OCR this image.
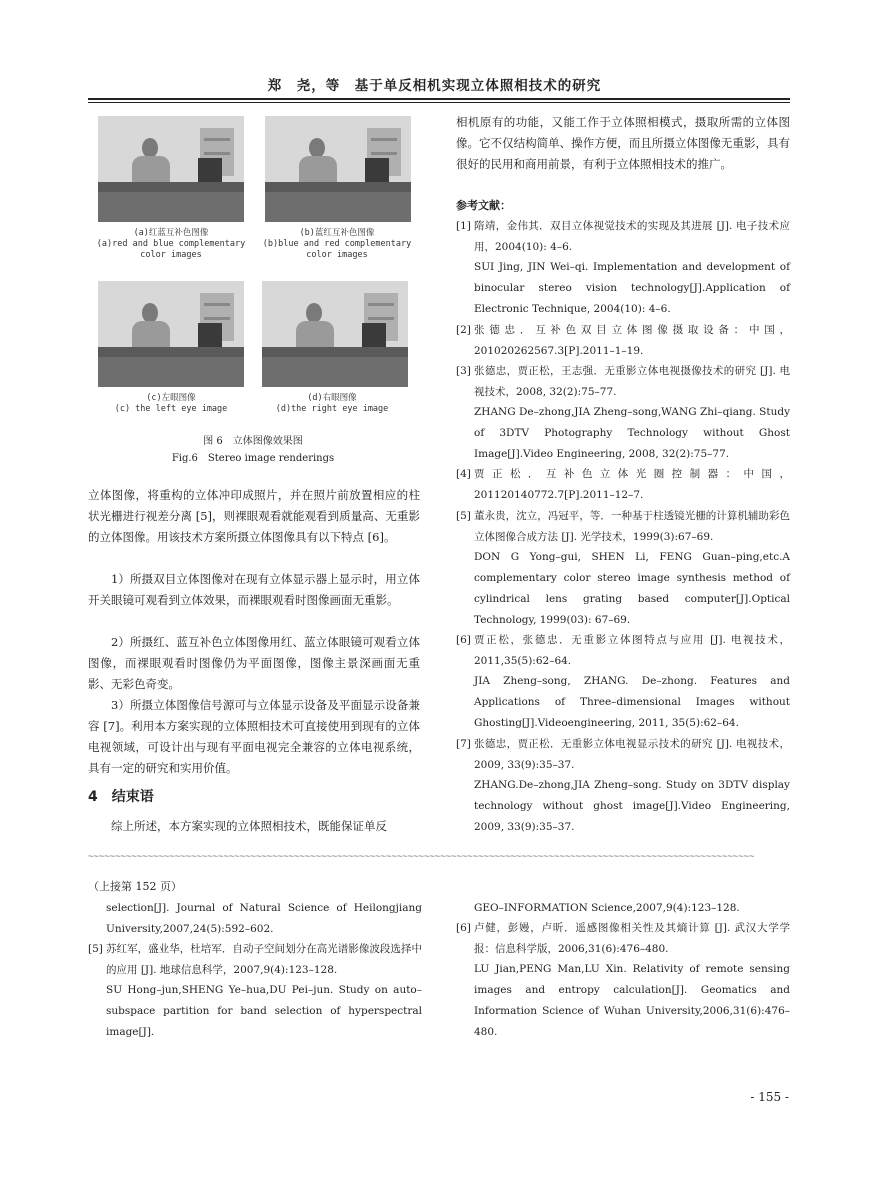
郑　尧，等　基于单反相机实现立体照相技术的研究
(a)红蓝互补色图像
(a)red and blue complementary
color images
(b)蓝红互补色图像
(b)blue and red complementary
color images
(c)左眼图像
(c) the left eye image
(d)右眼图像
(d)the right eye image
图 6　立体图像效果图
Fig.6　Stereo image renderings
立体图像，将重构的立体冲印成照片，并在照片前放置相应的柱状光栅进行视差分离 [5]，则裸眼观看就能观看到质量高、无重影的立体图像。用该技术方案所摄立体图像具有以下特点 [6]。
1）所摄双目立体图像对在现有立体显示器上显示时，用立体开关眼镜可观看到立体效果，而裸眼观看时图像画面无重影。
2）所摄红、蓝互补色立体图像用红、蓝立体眼镜可观看立体图像，而裸眼观看时图像仍为平面图像，图像主景深画面无重影、无彩色奇变。
3）所摄立体图像信号源可与立体显示设备及平面显示设备兼容 [7]。利用本方案实现的立体照相技术可直接使用到现有的立体电视领域，可设计出与现有平面电视完全兼容的立体电视系统，具有一定的研究和实用价值。
4　结束语
综上所述，本方案实现的立体照相技术，既能保证单反
相机原有的功能，又能工作于立体照相模式，摄取所需的立体图像。它不仅结构简单、操作方便，而且所摄立体图像无重影，具有很好的民用和商用前景，有利于立体照相技术的推广。
参考文献：
[1] 隋靖，金伟其．双目立体视觉技术的实现及其进展 [J]. 电子技术应用，2004(10): 4–6.
SUI Jing, JIN Wei–qi. Implementation and development of binocular stereo vision technology[J].Application of Electronic Technique, 2004(10): 4–6.
[2] 张德忠．互补色双目立体图像摄取设备：中国，201020262567.3[P].2011–1–19.
[3] 张德忠，贾正松，王志强．无重影立体电视摄像技术的研究 [J]. 电视技术，2008, 32(2):75–77.
ZHANG De–zhong,JIA Zheng–song,WANG Zhi–qiang. Study of 3DTV Photography Technology without Ghost Image[J].Video Engineering, 2008, 32(2):75–77.
[4] 贾正松．互补色立体光圈控制器：中国，201120140772.7[P].2011–12–7.
[5] 董永贵，沈立，冯冠平，等．一种基于柱透镜光栅的计算机辅助彩色立体图像合成方法 [J]. 光学技术，1999(3):67–69.
DON G Yong–gui, SHEN Li, FENG Guan–ping,etc.A complementary color stereo image synthesis method of cylindrical lens grating based computer[J].Optical Technology, 1999(03): 67–69.
[6] 贾正松，张德忠．无重影立体图特点与应用 [J]. 电视技术，2011,35(5):62–64.
JIA Zheng–song, ZHANG. De–zhong. Features and Applications of Three–dimensional Images without Ghosting[J].Videoengineering, 2011, 35(5):62–64.
[7] 张德忠，贾正松．无重影立体电视显示技术的研究 [J]. 电视技术，2009, 33(9):35–37.
ZHANG.De–zhong,JIA Zheng–song. Study on 3DTV display technology without ghost image[J].Video Engineering, 2009, 33(9):35–37.
~~~~~~~~~~~~~~~~~~~~~~~~~~~~~~~~~~~~~~~~~~~~~~~~~~~~~~~~~~~~~~~~~~~~~~~~~~~~~~~~~~~~~~~~~~~~~~~~~~~~~~~~~~~~~~~~~~~~~~~~~~~
（上接第 152 页）
selection[J]. Journal of Natural Science of Heilongjiang University,2007,24(5):592–602.
[5] 苏红军，盛业华，杜培军．自动子空间划分在高光谱影像波段选择中的应用 [J]. 地球信息科学，2007,9(4):123–128.
SU Hong–jun,SHENG Ye–hua,DU Pei–jun. Study on auto–subspace partition for band selection of hyperspectral image[J].
GEO–INFORMATION Science,2007,9(4):123–128.
[6] 卢健，彭嫚，卢昕．遥感图像相关性及其熵计算 [J]. 武汉大学学报：信息科学版，2006,31(6):476–480.
LU Jian,PENG Man,LU Xin. Relativity of remote sensing images and entropy calculation[J]. Geomatics and Information Science of Wuhan University,2006,31(6):476–480.
- 155 -
